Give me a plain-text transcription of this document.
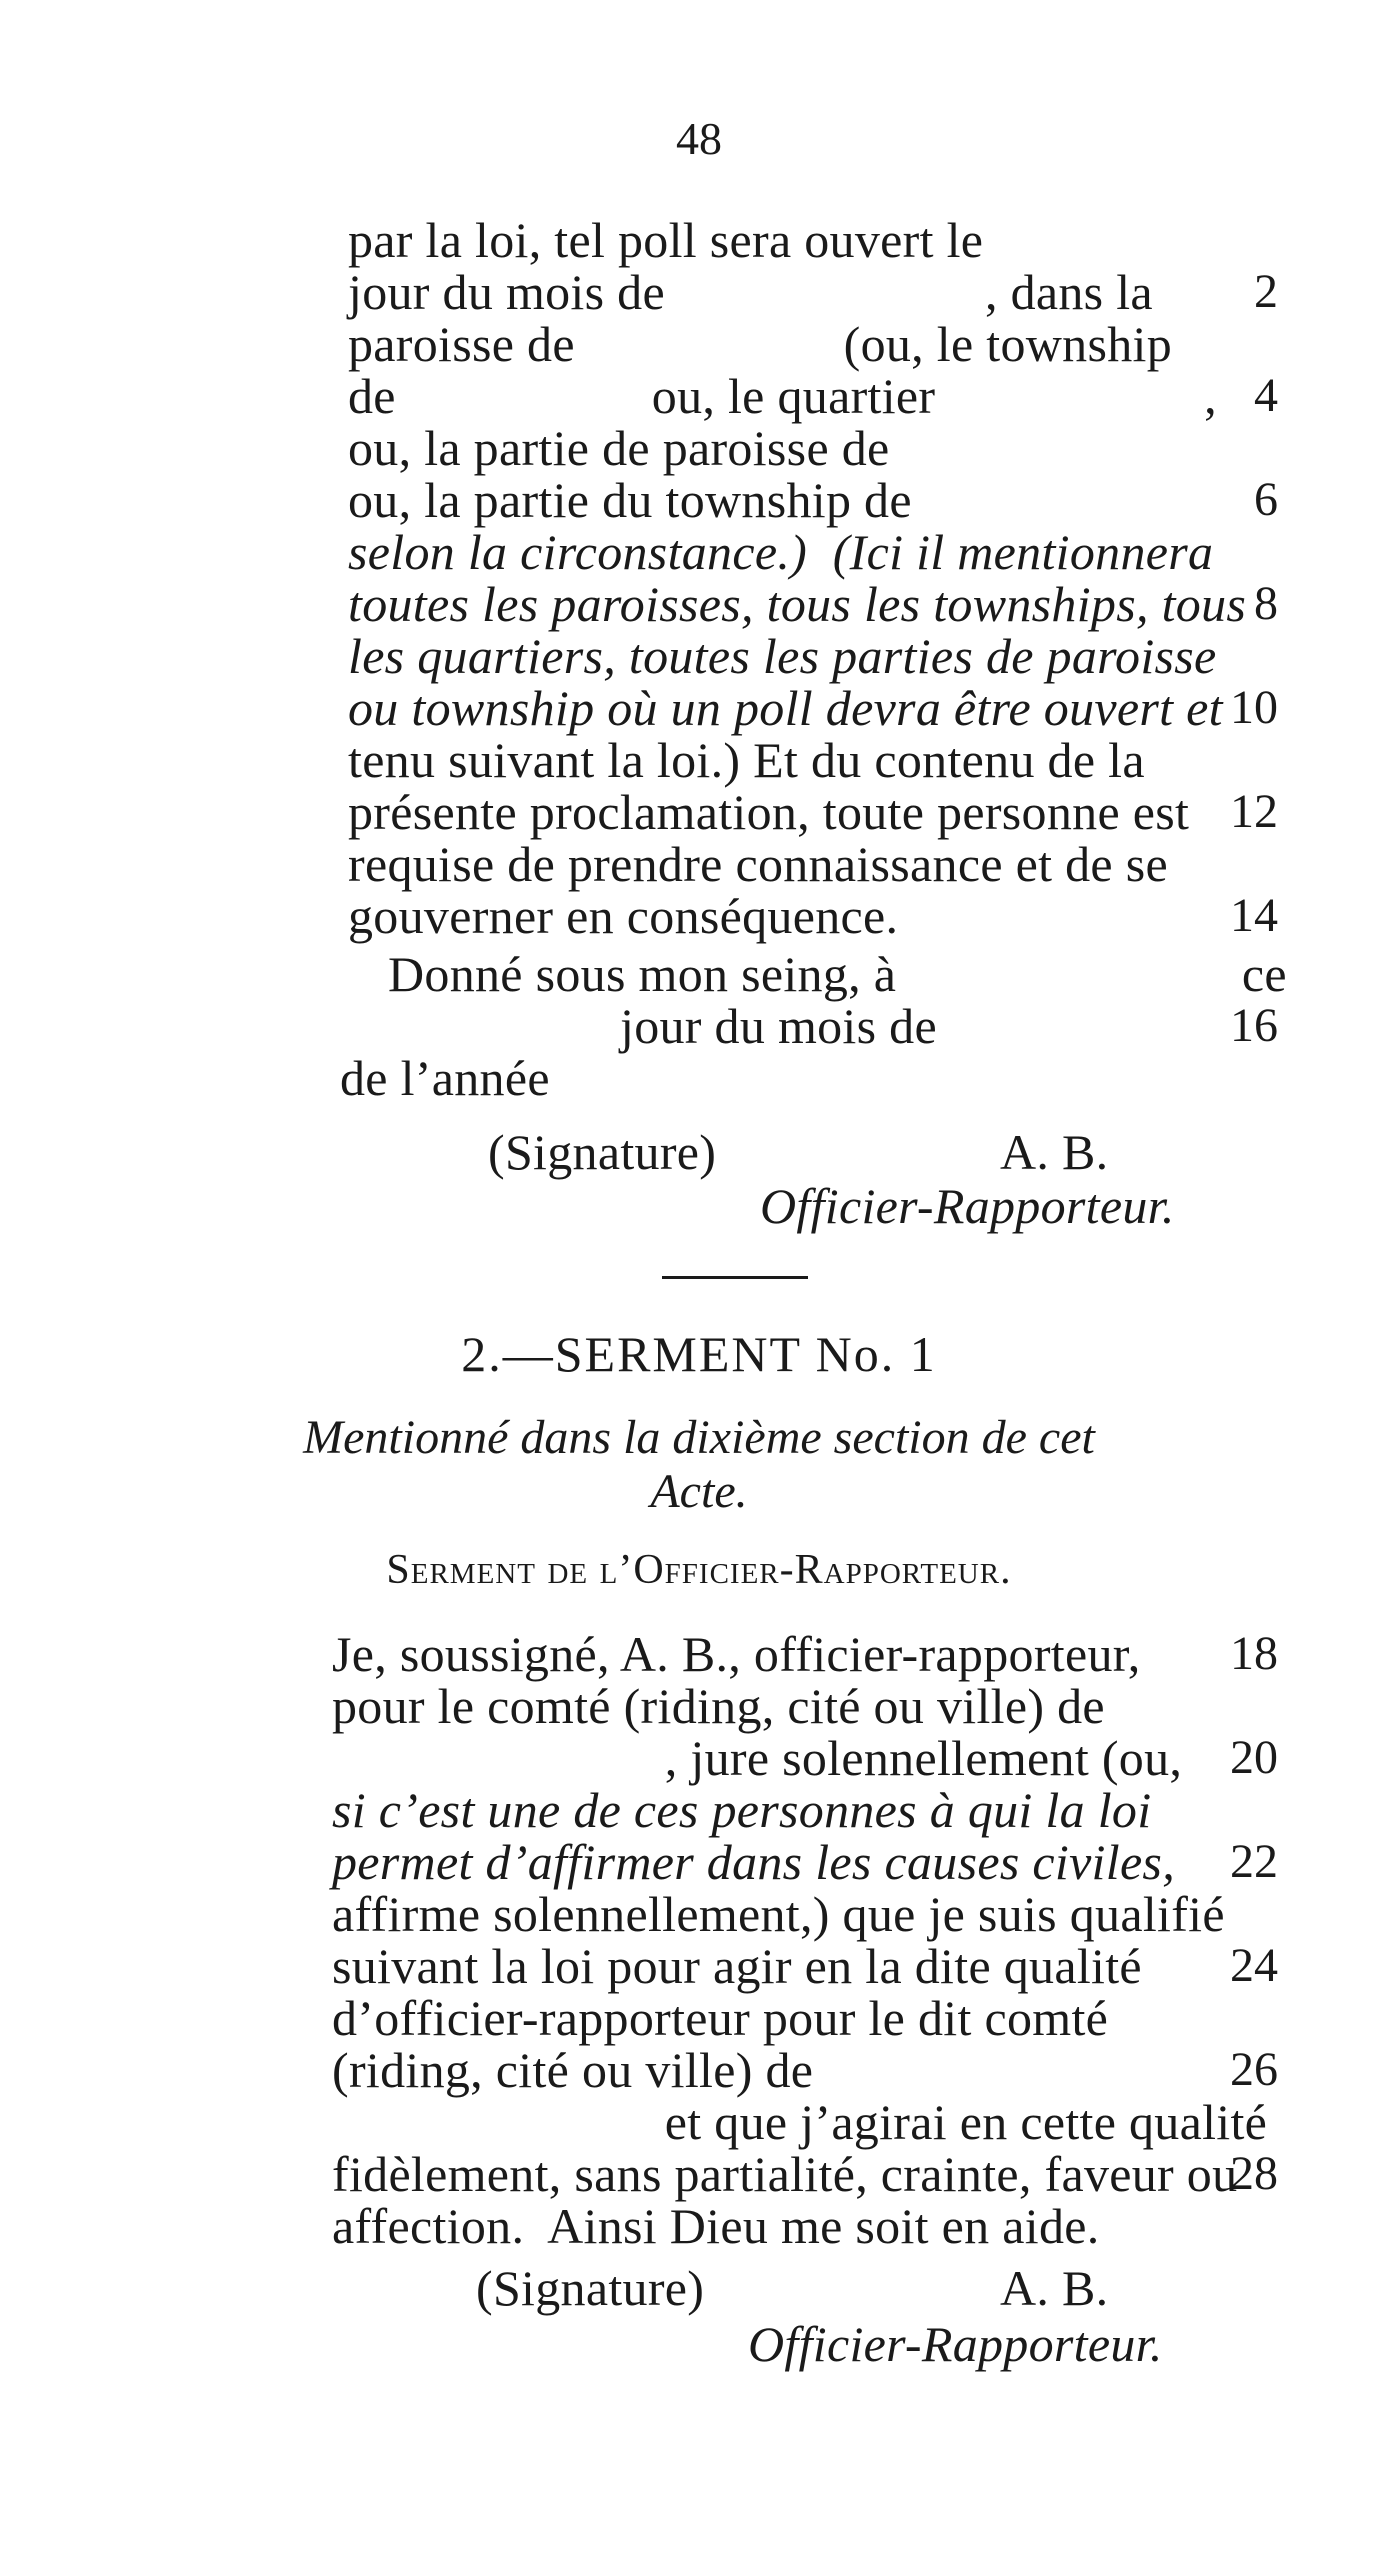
48
par la loi, tel poll sera ouvert le
jour du mois de                         , dans la	2
paroisse de                     (ou, le township
de                    ou, le quartier                     , 4
ou, la partie de paroisse de
ou, la partie du township de	6
selon la circonstance.)  (Ici il mentionnera
toutes les paroisses, tous les townships, tous 8
les quartiers, toutes les parties de paroisse
ou township où un poll devra être ouvert et 10
tenu suivant la loi.) Et du contenu de la
présente proclamation, toute personne est 12
requise de prendre connaissance et de se
gouverner en conséquence.	14
Donné sous mon seing, à                           ce
jour du mois de	16
de l’année
(Signature)	A. B.
Officier-Rapporteur.
2.—SERMENT No. 1
Mentionné dans la dixième section de cet
Acte.
Serment de l’Officier-Rapporteur.
Je, soussigné, A. B., officier-rapporteur,	18
pour le comté (riding, cité ou ville) de
, jure solennellement (ou, 20
si c’est une de ces personnes à qui la loi
permet d’affirmer dans les causes civiles,	22
affirme solennellement,) que je suis qualifié
suivant la loi pour agir en la dite qualité	24
d’officier-rapporteur pour le dit comté
(riding, cité ou ville) de	26
et que j’agirai en cette qualité
fidèlement, sans partialité, crainte, faveur ou
28
affection.  Ainsi Dieu me soit en aide.
(Signature)	A. B.
Officier-Rapporteur.
